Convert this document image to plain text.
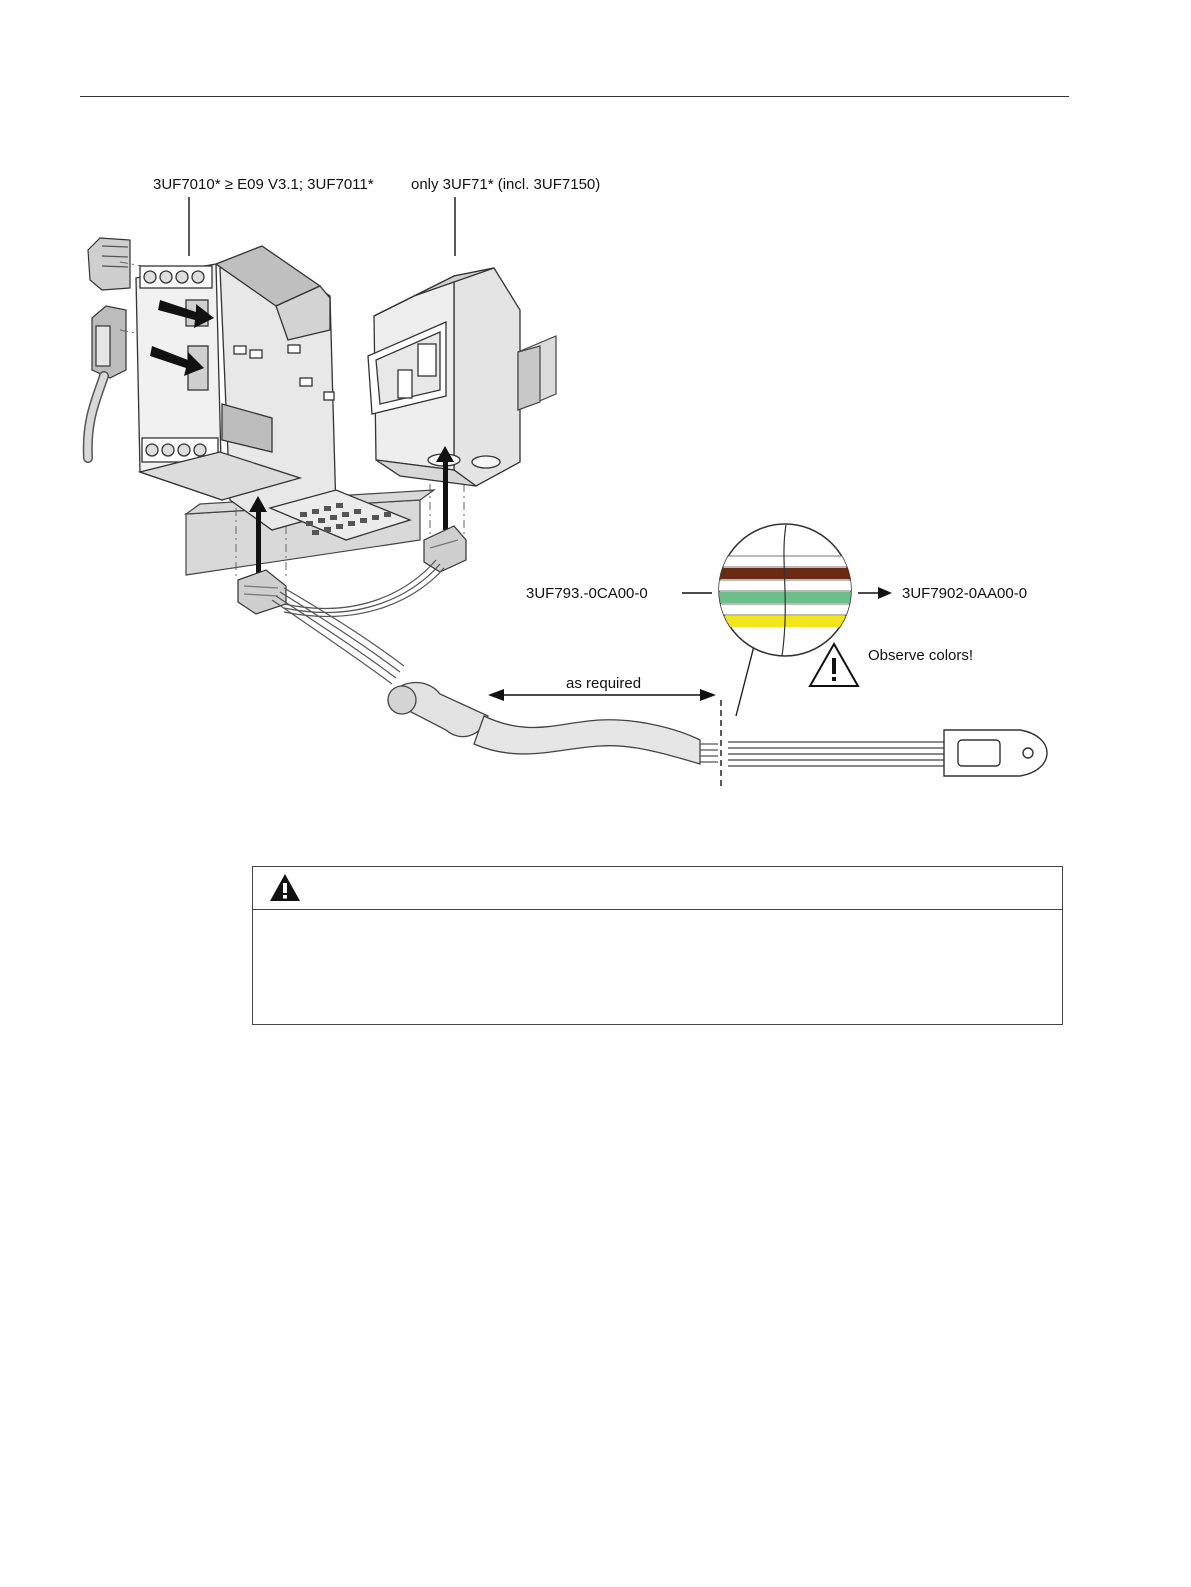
3UF7010* ≥ E09 V3.1; 3UF7011* only 3UF71* (incl. 3UF7150)
3UF793.-0CA00-0	3UF7902-0AA00-0
Observe colors!
as required
